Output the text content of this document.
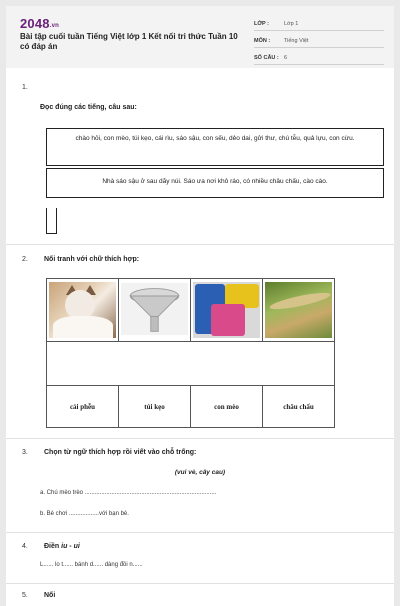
2048.vn
Bài tập cuối tuần Tiếng Việt lớp 1 Kết nối tri thức Tuần 10 có đáp án
LỚP :	Lớp 1
MÔN :	Tiếng Việt
SỐ CÂU : 6
1.
Đọc đúng các tiếng, câu sau:
chào hỏi, con mèo, túi kẹo, cái rìu, sáo sậu, con sếu, dẻo dai, gửi thư, chú tễu, quả lựu, con cừu.
Nhà sáo sậu ở sau dãy núi. Sáo ưa nơi khô ráo, có nhiều châu chấu, cào cào.
2. Nối tranh với chữ thích hợp:

cái phễu	túi kẹo	con mèo	châu chấu
3. Chọn từ ngữ thích hợp rồi viết vào chỗ trống:
(vui vẻ, cây cau)
a. Chú mèo trèo ...............................................................................
b. Bé chơi ..................với bạn bè.
4. Điền iu - ui
L...... lo t...... bánh d...... dàng đồi n......
5. Nối
